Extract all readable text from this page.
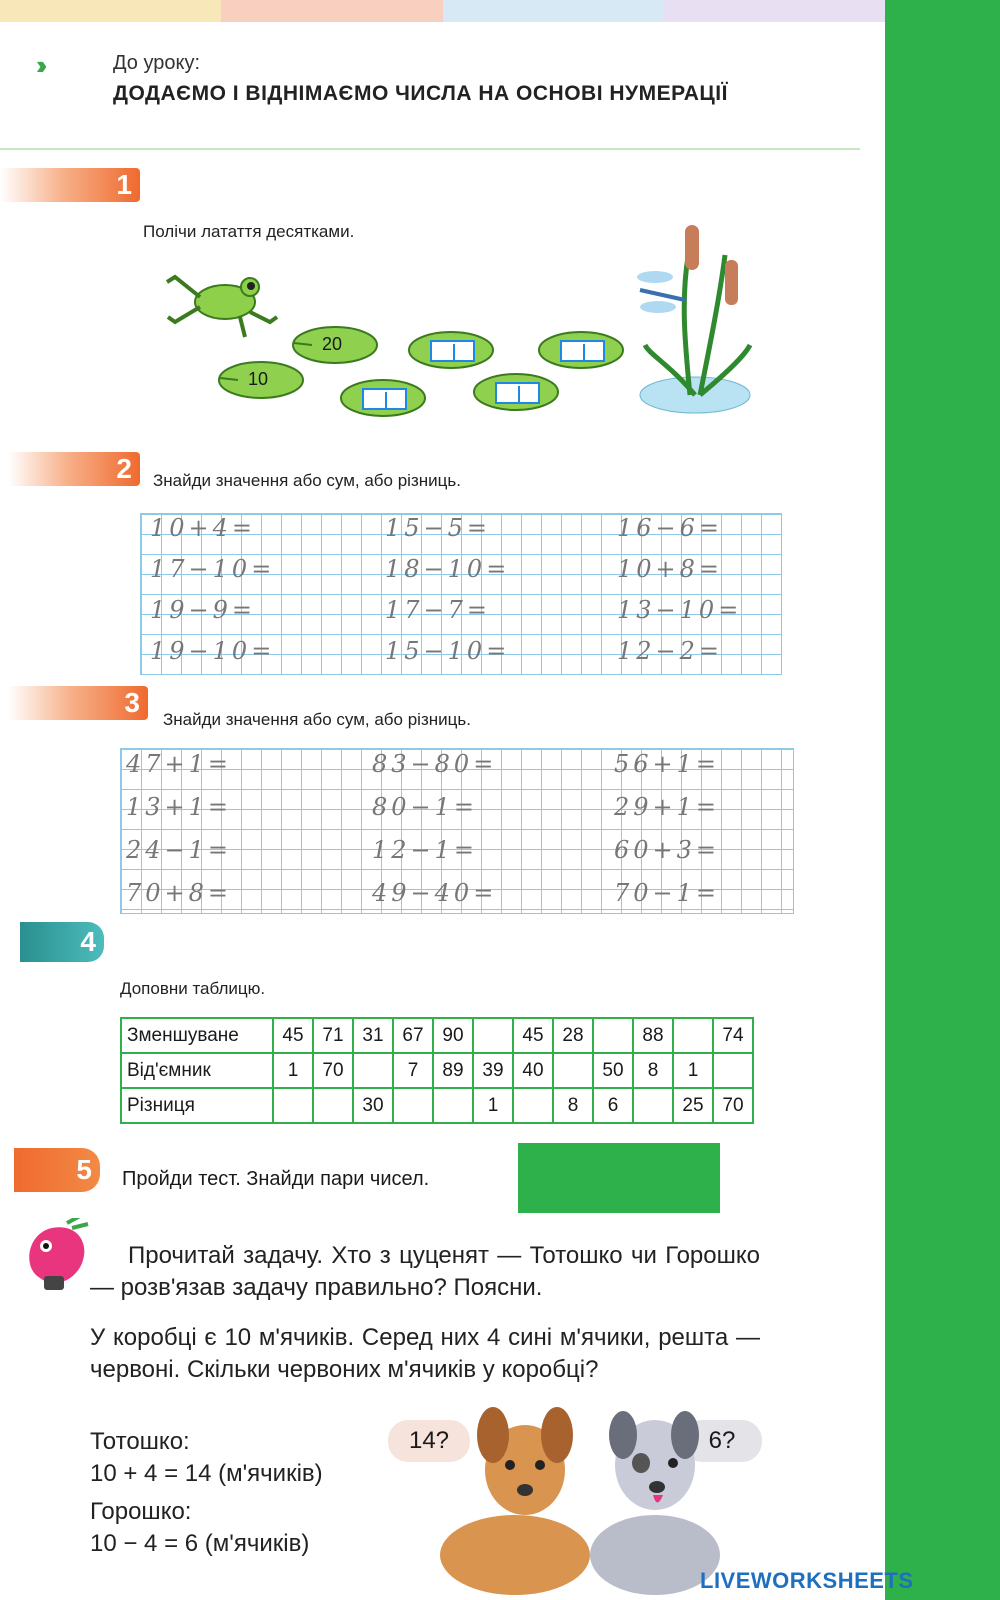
››	До уроку:
ДОДАЄМО І ВІДНІМАЄМО ЧИСЛА НА ОСНОВІ НУМЕРАЦІЇ
1
Полічи латаття десятками.
10
20
2 Знайди значення або сум, або різниць.
10+4=	15−5=	16−6=
17−10=	18−10=	10+8=
19−9=	17−7=	13−10=
19−10=	15−10=	12−2=
3
Знайди значення або сум, або різниць.
47+1=	83−80=	56+1=
13+1=	80−1=	29+1=
24−1=	12−1=	60+3=
70+8=	49−40=	70−1=
4
Доповни таблицю.
Зменшуване	45	71	31	67	90		45	28		88		74
Від'ємник	1	70		7	89	39	40		50	8	1	
Різниця			30			1		8	6		25	70
5 Пройди тест. Знайди пари чисел.
Прочитай задачу. Хто з цуценят — Тотошко чи Горошко — розв'язав задачу правильно? Поясни.
У коробці є 10 м'ячиків. Серед них 4 сині м'ячики, решта — червоні. Скільки червоних м'ячиків у коробці?
Тотошко:
10 + 4 = 14 (м'ячиків)
Горошко:
10 − 4 = 6 (м'ячиків)
14?	6?
LIVEWORKSHEETS
